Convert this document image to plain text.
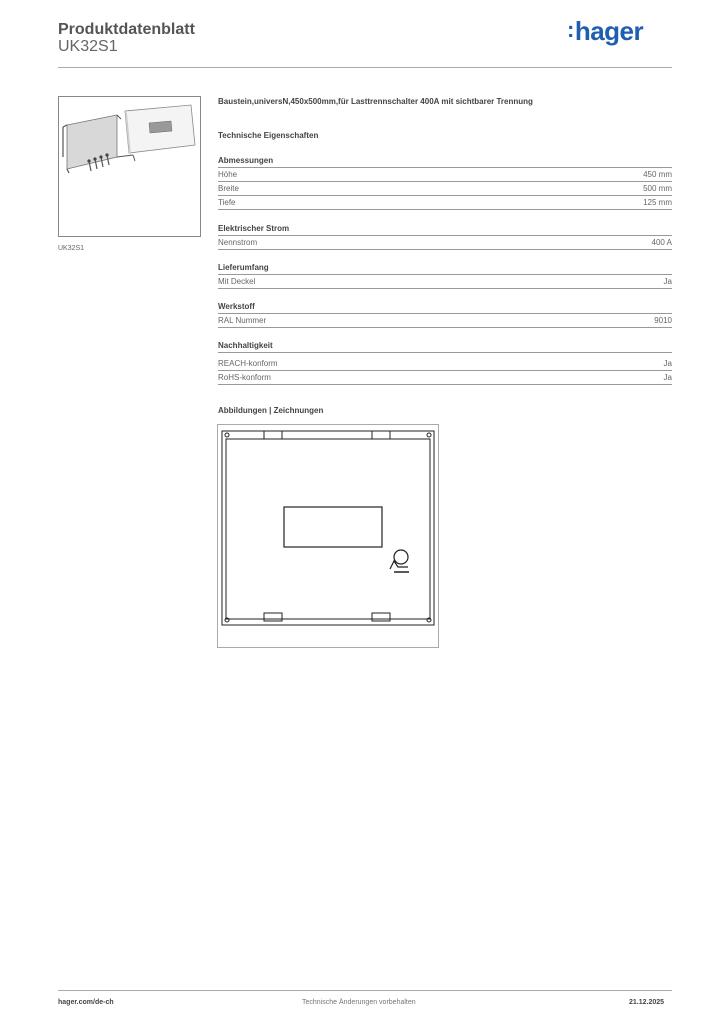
Produktdatenblatt
UK32S1
:hager
UK32S1
Baustein,universN,450x500mm,für Lasttrennschalter 400A mit sichtbarer Trennung
Technische Eigenschaften
Abmessungen
Höhe	450 mm
Breite	500 mm
Tiefe	125 mm
Elektrischer Strom
Nennstrom	400 A
Lieferumfang
Mit Deckel	Ja
Werkstoff
RAL Nummer	9010
Nachhaltigkeit
REACH-konform	Ja
RoHS-konform	Ja
Abbildungen | Zeichnungen
hager.com/de-ch	Technische Änderungen vorbehalten	21.12.2025
